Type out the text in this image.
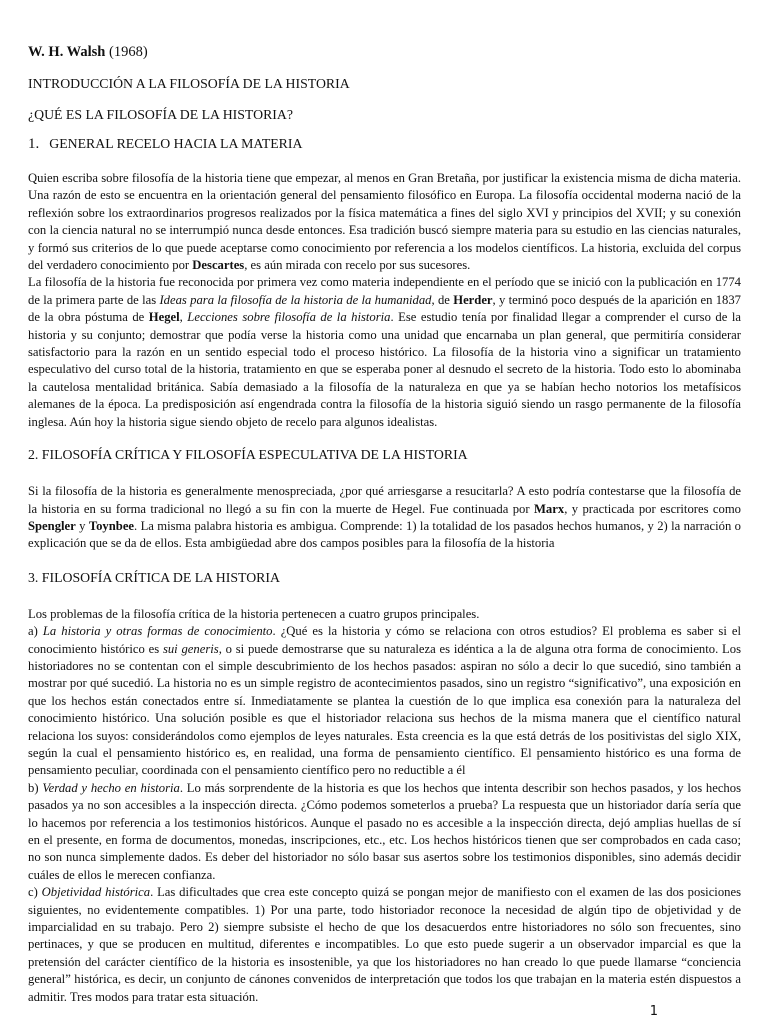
W. H. Walsh (1968)
INTRODUCCIÓN A LA FILOSOFÍA DE LA HISTORIA
¿QUÉ ES LA FILOSOFÍA DE LA HISTORIA?
1. GENERAL RECELO HACIA LA MATERIA

Quien escriba sobre filosofía de la historia tiene que empezar, al menos en Gran Bretaña, por justificar la existencia misma de dicha materia. Una razón de esto se encuentra en la orientación general del pensamiento filosófico en Europa. La filosofía occidental moderna nació de la reflexión sobre los extraordinarios progresos realizados por la física matemática a fines del siglo XVI y principios del XVII; y su conexión con la ciencia natural no se interrumpió nunca desde entonces. Esa tradición buscó siempre materia para su estudio en las ciencias naturales, y formó sus criterios de lo que puede aceptarse como conocimiento por referencia a los modelos científicos. La historia, excluida del corpus del verdadero conocimiento por Descartes, es aún mirada con recelo por sus sucesores.

La filosofía de la historia fue reconocida por primera vez como materia independiente en el período que se inició con la publicación en 1774 de la primera parte de las Ideas para la filosofía de la historia de la humanidad, de Herder, y terminó poco después de la aparición en 1837 de la obra póstuma de Hegel, Lecciones sobre filosofía de la historia. Ese estudio tenía por finalidad llegar a comprender el curso de la historia y su conjunto; demostrar que podía verse la historia como una unidad que encarnaba un plan general, que permitiría considerar satisfactorio para la razón en un sentido especial todo el proceso histórico. La filosofía de la historia vino a significar un tratamiento especulativo del curso total de la historia, tratamiento en que se esperaba poner al desnudo el secreto de la historia. Todo esto lo abominaba la cautelosa mentalidad británica. Sabía demasiado a la filosofía de la naturaleza en que ya se habían hecho notorios los metafísicos alemanes de la época. La predisposición así engendrada contra la filosofía de la historia siguió siendo un rasgo permanente de la filosofía inglesa. Aún hoy la historia sigue siendo objeto de recelo para algunos idealistas.

2. FILOSOFÍA CRÍTICA Y FILOSOFÍA ESPECULATIVA DE LA HISTORIA

Si la filosofía de la historia es generalmente menospreciada, ¿por qué arriesgarse a resucitarla? A esto podría contestarse que la filosofía de la historia en su forma tradicional no llegó a su fin con la muerte de Hegel. Fue continuada por Marx, y practicada por escritores como Spengler y Toynbee. La misma palabra historia es ambigua. Comprende: 1) la totalidad de los pasados hechos humanos, y 2) la narración o explicación que se da de ellos. Esta ambigüedad abre dos campos posibles para la filosofía de la historia

3. FILOSOFÍA CRÍTICA DE LA HISTORIA

Los problemas de la filosofía crítica de la historia pertenecen a cuatro grupos principales.

a) La historia y otras formas de conocimiento. ¿Qué es la historia y cómo se relaciona con otros estudios? El problema es saber si el conocimiento histórico es sui generis, o si puede demostrarse que su naturaleza es idéntica a la de alguna otra forma de conocimiento. Los historiadores no se contentan con el simple descubrimiento de los hechos pasados: aspiran no sólo a decir lo que sucedió, sino también a mostrar por qué sucedió. La historia no es un simple registro de acontecimientos pasados, sino un registro “significativo”, una exposición en que los hechos están conectados entre sí. Inmediatamente se plantea la cuestión de lo que implica esa conexión para la naturaleza del conocimiento histórico. Una solución posible es que el historiador relaciona sus hechos de la misma manera que el científico natural relaciona los suyos: considerándolos como ejemplos de leyes naturales. Esta creencia es la que está detrás de los positivistas del siglo XIX, según la cual el pensamiento histórico es, en realidad, una forma de pensamiento científico. El pensamiento histórico es una forma de pensamiento peculiar, coordinada con el pensamiento científico pero no reductible a él

b) Verdad y hecho en historia. Lo más sorprendente de la historia es que los hechos que intenta describir son hechos pasados, y los hechos pasados ya no son accesibles a la inspección directa. ¿Cómo podemos someterlos a prueba? La respuesta que un historiador daría sería que lo hacemos por referencia a los testimonios históricos. Aunque el pasado no es accesible a la inspección directa, dejó amplias huellas de sí en el presente, en forma de documentos, monedas, inscripciones, etc., etc. Los hechos históricos tienen que ser comprobados en cada caso; no son nunca simplemente dados. Es deber del historiador no sólo basar sus asertos sobre los testimonios disponibles, sino además decidir cuáles de ellos le merecen confianza.

c) Objetividad histórica. Las dificultades que crea este concepto quizá se pongan mejor de manifiesto con el examen de las dos posiciones siguientes, no evidentemente compatibles. 1) Por una parte, todo historiador reconoce la necesidad de algún tipo de objetividad y de imparcialidad en su trabajo. Pero 2) siempre subsiste el hecho de que los desacuerdos entre historiadores no sólo son frecuentes, sino pertinaces, y que se producen en multitud, diferentes e incompatibles. Lo que esto puede sugerir a un observador imparcial es que la pretensión del carácter científico de la historia es insostenible, ya que los historiadores no han creado lo que puede llamarse “conciencia general” histórica, es decir, un conjunto de cánones convenidos de interpretación que todos los que trabajan en la materia estén dispuestos a admitir. Tres modos para tratar esta situación.

1
